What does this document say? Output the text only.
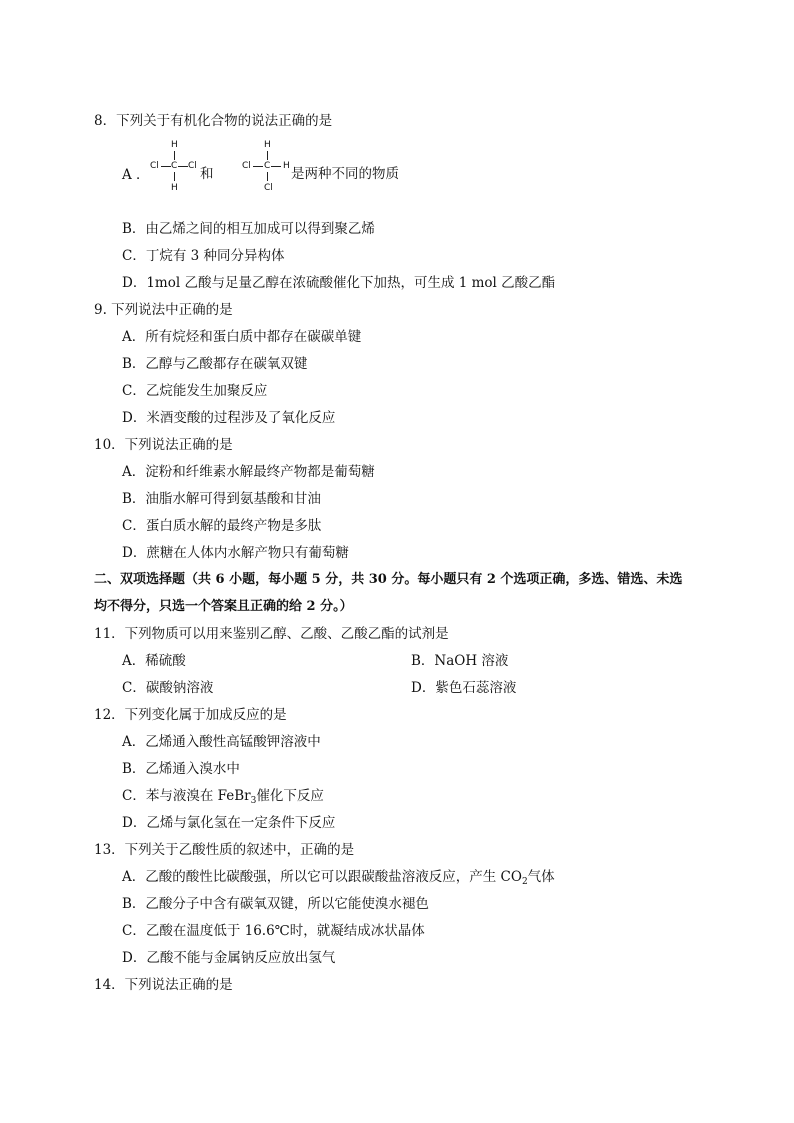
8．下列关于有机化合物的说法正确的是
A ．
H
Cl C Cl
H
和
H
Cl C H
Cl
是两种不同的物质
B．由乙烯之间的相互加成可以得到聚乙烯
C．丁烷有 3 种同分异构体
D．1mol 乙酸与足量乙醇在浓硫酸催化下加热，可生成 1 mol 乙酸乙酯
9. 下列说法中正确的是
A．所有烷烃和蛋白质中都存在碳碳单键
B．乙醇与乙酸都存在碳氧双键
C．乙烷能发生加聚反应
D．米酒变酸的过程涉及了氧化反应
10．下列说法正确的是
A．淀粉和纤维素水解最终产物都是葡萄糖
B．油脂水解可得到氨基酸和甘油
C．蛋白质水解的最终产物是多肽
D．蔗糖在人体内水解产物只有葡萄糖
二、双项选择题（共 6 小题，每小题 5 分，共 30 分。每小题只有 2 个选项正确，多选、错选、未选
均不得分，只选一个答案且正确的给 2 分。）
11．下列物质可以用来鉴别乙醇、乙酸、乙酸乙酯的试剂是
A．稀硫酸	B．NaOH 溶液
C．碳酸钠溶液	D．紫色石蕊溶液
12．下列变化属于加成反应的是
A．乙烯通入酸性高锰酸钾溶液中
B．乙烯通入溴水中
C．苯与液溴在 FeBr$_3$催化下反应
D．乙烯与氯化氢在一定条件下反应
13．下列关于乙酸性质的叙述中，正确的是
A．乙酸的酸性比碳酸强，所以它可以跟碳酸盐溶液反应，产生 $CO_2$气体
B．乙酸分子中含有碳氧双键，所以它能使溴水褪色
C．乙酸在温度低于 16.6℃时，就凝结成冰状晶体
D．乙酸不能与金属钠反应放出氢气
14．下列说法正确的是
